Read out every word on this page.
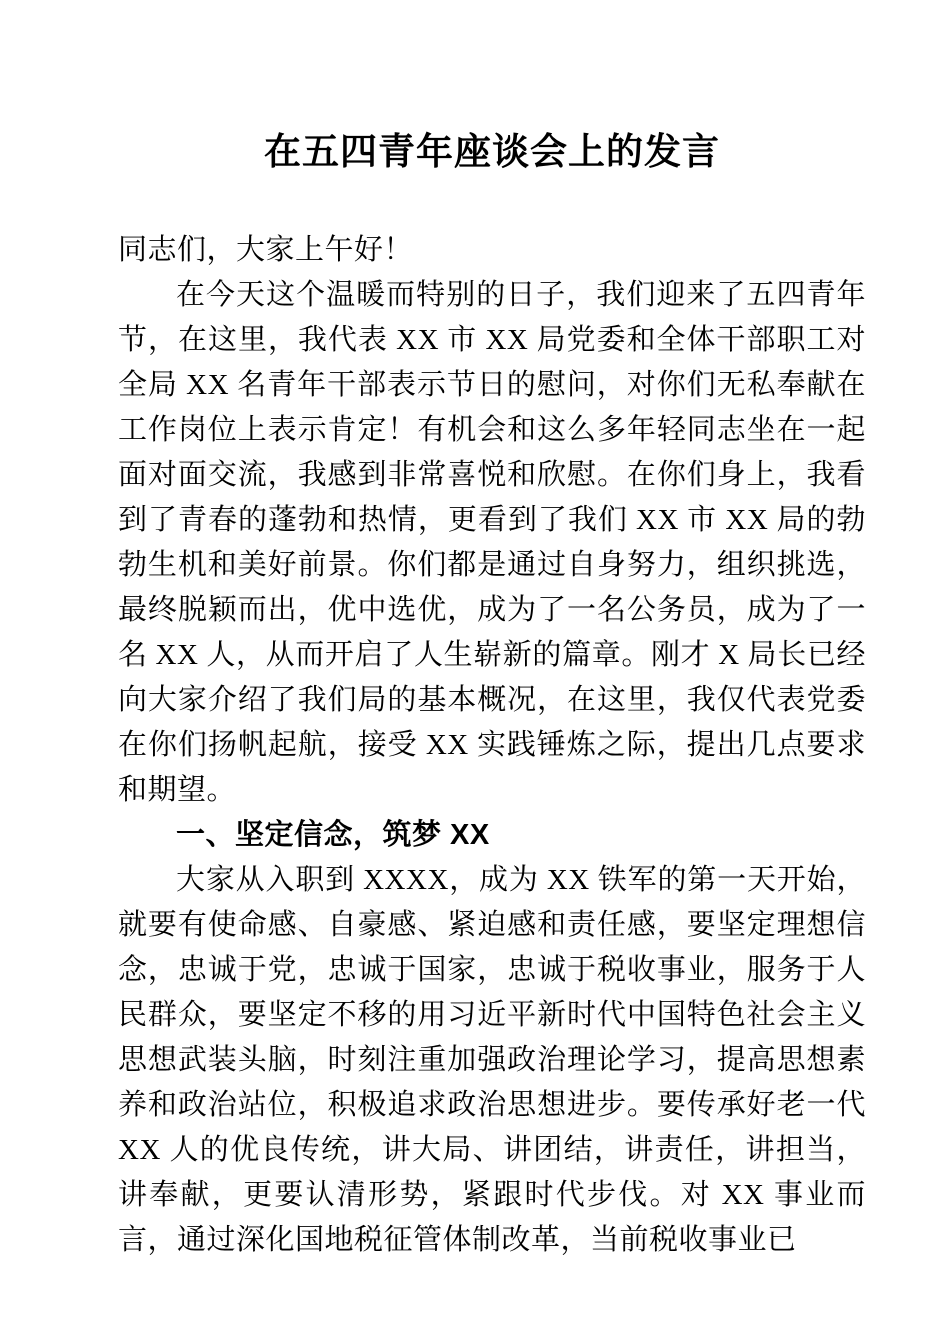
在五四青年座谈会上的发言

同志们，大家上午好！

在今天这个温暖而特别的日子，我们迎来了五四青年节，在这里，我代表 XX 市 XX 局党委和全体干部职工对全局 XX 名青年干部表示节日的慰问，对你们无私奉献在工作岗位上表示肯定！有机会和这么多年轻同志坐在一起面对面交流，我感到非常喜悦和欣慰。在你们身上，我看到了青春的蓬勃和热情，更看到了我们 XX 市 XX 局的勃勃生机和美好前景。你们都是通过自身努力，组织挑选，最终脱颖而出，优中选优，成为了一名公务员，成为了一名 XX 人，从而开启了人生崭新的篇章。刚才 X 局长已经向大家介绍了我们局的基本概况，在这里，我仅代表党委在你们扬帆起航，接受 XX 实践锤炼之际，提出几点要求和期望。

一、坚定信念，筑梦 XX

大家从入职到 XXXX，成为 XX 铁军的第一天开始，就要有使命感、自豪感、紧迫感和责任感，要坚定理想信念，忠诚于党，忠诚于国家，忠诚于税收事业，服务于人民群众，要坚定不移的用习近平新时代中国特色社会主义思想武装头脑，时刻注重加强政治理论学习，提高思想素养和政治站位，积极追求政治思想进步。要传承好老一代 XX 人的优良传统，讲大局、讲团结，讲责任，讲担当，讲奉献，更要认清形势，紧跟时代步伐。对 XX 事业而言，通过深化国地税征管体制改革，当前税收事业已
